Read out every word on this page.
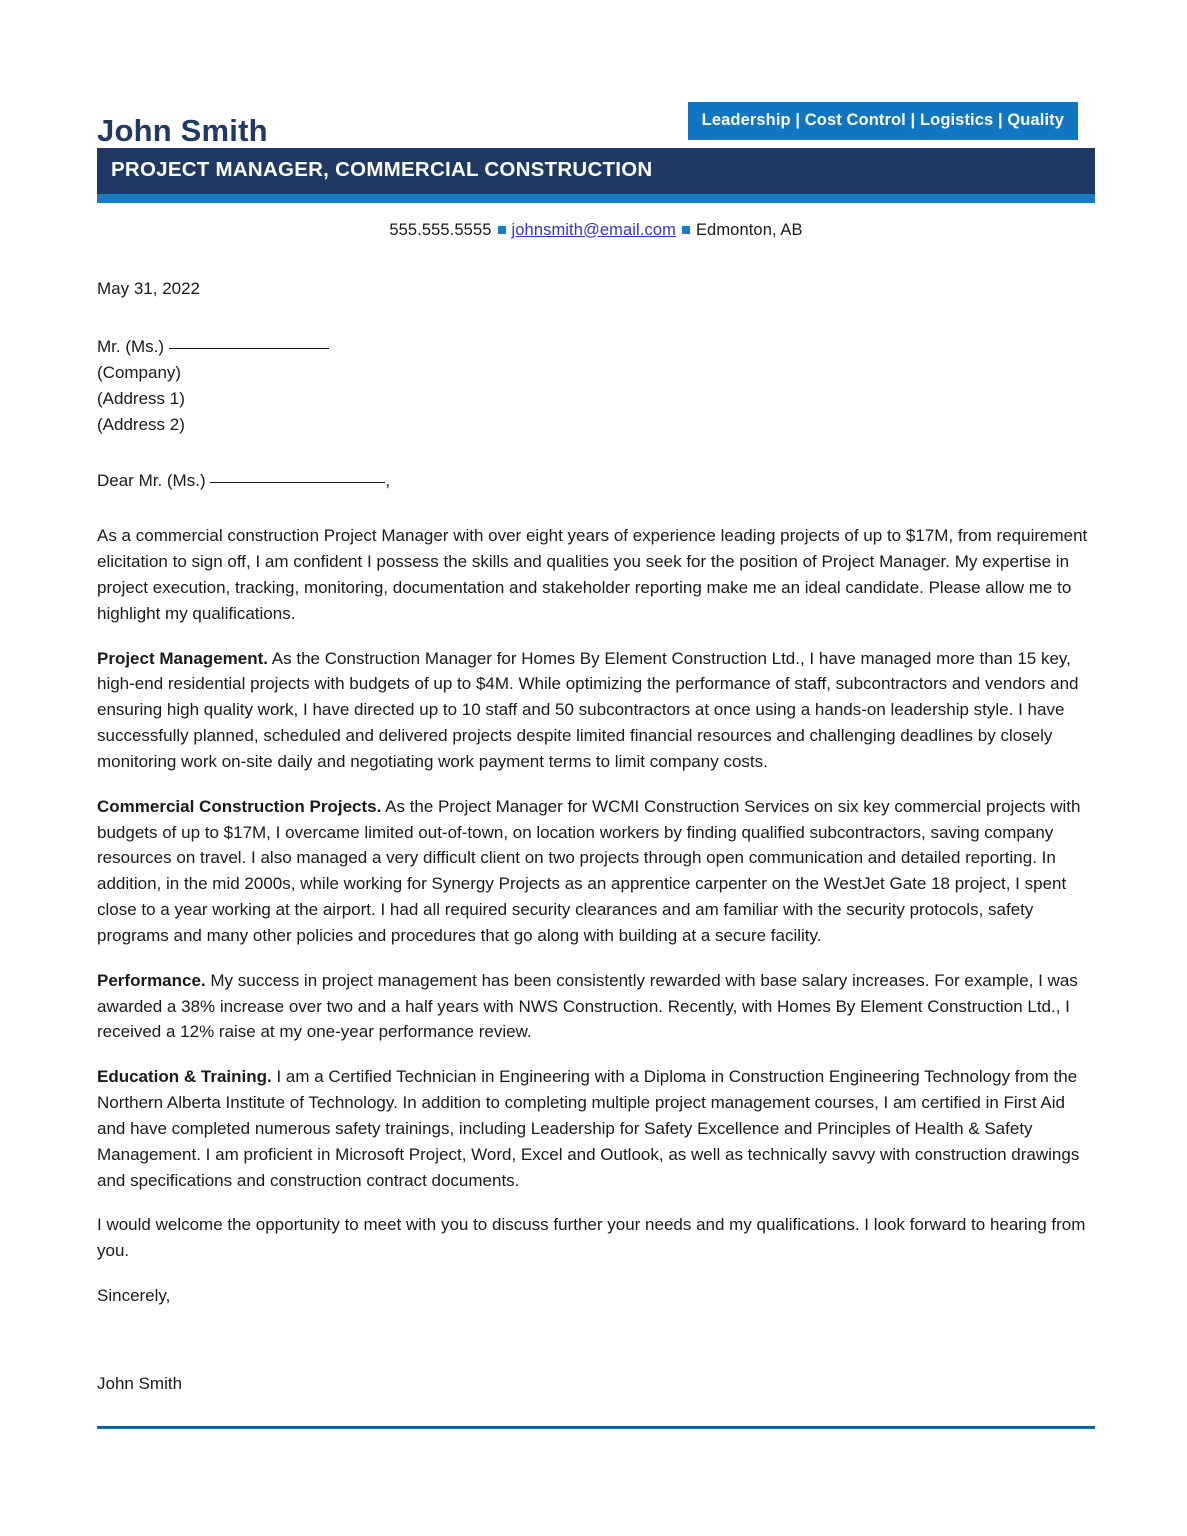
John Smith	Leadership | Cost Control | Logistics | Quality
PROJECT MANAGER, COMMERCIAL CONSTRUCTION
555.555.5555 johnsmith@email.com Edmonton, AB

May 31, 2022

Mr. (Ms.)
(Company)
(Address 1)
(Address 2)

Dear Mr. (Ms.)	,

As a commercial construction Project Manager with over eight years of experience leading projects of up to $17M, from requirement elicitation to sign off, I am confident I possess the skills and qualities you seek for the position of Project Manager. My expertise in project execution, tracking, monitoring, documentation and stakeholder reporting make me an ideal candidate. Please allow me to highlight my qualifications.

Project Management. As the Construction Manager for Homes By Element Construction Ltd., I have managed more than 15 key, high-end residential projects with budgets of up to $4M. While optimizing the performance of staff, subcontractors and vendors and ensuring high quality work, I have directed up to 10 staff and 50 subcontractors at once using a hands-on leadership style. I have successfully planned, scheduled and delivered projects despite limited financial resources and challenging deadlines by closely monitoring work on-site daily and negotiating work payment terms to limit company costs.

Commercial Construction Projects. As the Project Manager for WCMI Construction Services on six key commercial projects with budgets of up to $17M, I overcame limited out-of-town, on location workers by finding qualified subcontractors, saving company resources on travel. I also managed a very difficult client on two projects through open communication and detailed reporting. In addition, in the mid 2000s, while working for Synergy Projects as an apprentice carpenter on the WestJet Gate 18 project, I spent close to a year working at the airport. I had all required security clearances and am familiar with the security protocols, safety programs and many other policies and procedures that go along with building at a secure facility.

Performance. My success in project management has been consistently rewarded with base salary increases. For example, I was awarded a 38% increase over two and a half years with NWS Construction. Recently, with Homes By Element Construction Ltd., I received a 12% raise at my one-year performance review.

Education & Training. I am a Certified Technician in Engineering with a Diploma in Construction Engineering Technology from the Northern Alberta Institute of Technology. In addition to completing multiple project management courses, I am certified in First Aid and have completed numerous safety trainings, including Leadership for Safety Excellence and Principles of Health & Safety Management. I am proficient in Microsoft Project, Word, Excel and Outlook, as well as technically savvy with construction drawings and specifications and construction contract documents.

I would welcome the opportunity to meet with you to discuss further your needs and my qualifications. I look forward to hearing from you.

Sincerely,

John Smith
